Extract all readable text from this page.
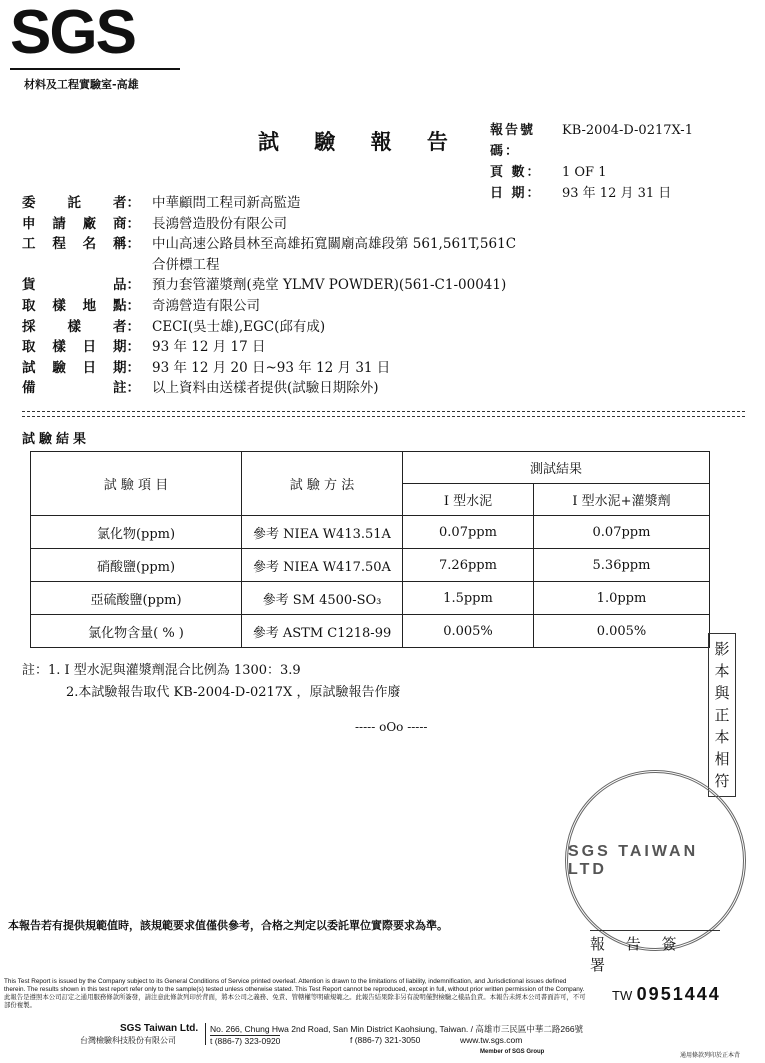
SGS
材料及工程實驗室-高雄
試 驗 報 告 報告號碼：
KB-2004-D-0217X-1
頁 數：	1 OF 1
日 期：	93 年 12 月 31 日
委 託 者： 中華顧問工程司新高監造
申 請 廠 商： 長鴻營造股份有限公司
工 程 名 稱： 中山高速公路員林至高雄拓寬關廟高雄段第 561,561T,561C
合併標工程
貨	品： 預力套管灌漿劑(堯堂 YLMV POWDER)(561-C1-00041)
取 樣 地 點： 奇鴻營造有限公司
採 樣 者： CECI(吳士雄),EGC(邱有成)
取 樣 日 期： 93 年 12 月 17 日
試 驗 日 期： 93 年 12 月 20 日~93 年 12 月 31 日
備	註： 以上資料由送樣者提供(試驗日期除外)
試驗結果
試 驗 項 目	試 驗 方 法	測試結果	
		I 型水泥	I 型水泥+灌漿劑
氯化物(ppm)	參考 NIEA W413.51A	0.07ppm	0.07ppm
硝酸鹽(ppm)	參考 NIEA W417.50A	7.26ppm	5.36ppm
亞硫酸鹽(ppm)	參考 SM 4500-SO₃	1.5ppm	1.0ppm
氯化物含量( % )	參考 ASTM C1218-99	0.005%	0.005%
註：1. I 型水泥與灌漿劑混合比例為 1300：3.9
2.本試驗報告取代 KB-2004-D-0217X ，原試驗報告作廢
----- oOo -----
影
本
與
正
本
相
符
SGS TAIWAN LTD
本報告若有提供規範值時，該規範要求值僅供參考，合格之判定以委託單位實際要求為準。
報 告 簽 署
This Test Report is issued by the Company subject to its General Conditions of Service printed overleaf. Attention is drawn to the limitations of liability, indemnification, and Jurisdictional issues defined therein. The results shown in this test report refer only to the sample(s) tested unless otherwise stated. This Test Report cannot be reproduced, except in full, without prior written permission of the Company. 此報告是遵照本公司訂定之通用服務條款所簽發，請注意此條款列印於背面，將本公司之義務、免責、管轄權等明確規範之。此報告結果除非另有說明僅對檢驗之樣品負責。本報告未經本公司書面許可，不可部份複製。
TW 0951444
SGS Taiwan Ltd.
台灣檢驗科技股份有限公司
No. 266, Chung Hwa 2nd Road, San Min District Kaohsiung, Taiwan. / 高雄市三民區中華二路266號
t (886-7) 323-0920	f (886-7) 321-3050	www.tw.sgs.com
Member of SGS Group	通用條款列印於正本背
